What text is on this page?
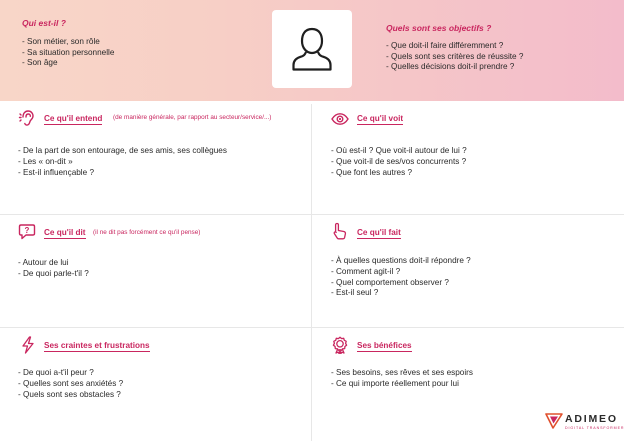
Qui est-il ?
- Son métier, son rôle
- Sa situation personnelle
- Son âge
Quels sont ses objectifs ?
- Que doit-il faire différemment ?
- Quels sont ses critères de réussite ?
- Quelles décisions doit-il prendre ?
Ce qu'il entend (de manière générale, par rapport au secteur/service/...)
- De la part de son entourage, de ses amis, ses collègues
- Les « on-dit »
- Est-il influençable ?
Ce qu'il voit
- Où est-il ? Que voit-il autour de lui ?
- Que voit-il de ses/vos concurrents ?
- Que font les autres ?
? Ce qu'il dit (il ne dit pas forcément ce qu'il pense)
- Autour de lui
- De quoi parle-t'il ?
Ce qu'il fait
- À quelles questions doit-il répondre ?
- Comment agit-il ?
- Quel comportement observer ?
- Est-il seul ?
Ses craintes et frustrations
- De quoi a-t'il peur ?
- Quelles sont ses anxiétés ?
- Quels sont ses obstacles ?
Ses bénéfices
- Ses besoins, ses rêves et ses espoirs
- Ce qui importe réellement pour lui
ADIMEO
DIGITAL TRANSFORMER
